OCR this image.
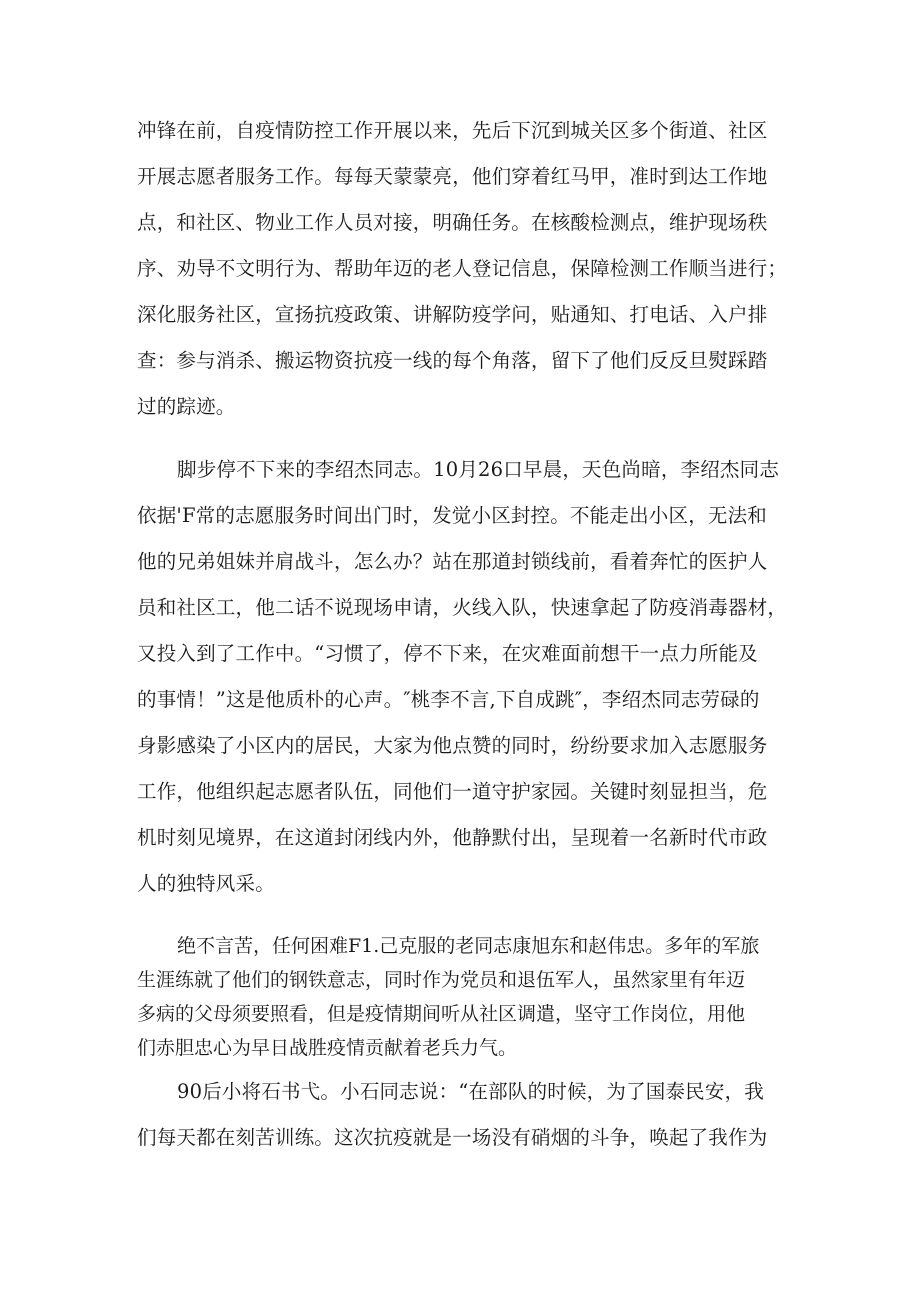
冲锋在前，自疫情防控工作开展以来，先后下沉到城关区多个街道、社区
开展志愿者服务工作。每每天蒙蒙亮，他们穿着红马甲，准时到达工作地
点，和社区、物业工作人员对接，明确任务。在核酸检测点，维护现场秩
序、劝导不文明行为、帮助年迈的老人登记信息，保障检测工作顺当进行；
深化服务社区，宣扬抗疫政策、讲解防疫学问，贴通知、打电话、入户排
查：参与消杀、搬运物资抗疫一线的每个角落，留下了他们反反旦熨踩踏
过的踪迹。
脚步停不下来的李绍杰同志。10月26口早晨，天色尚暗，李绍杰同志
依据'F常的志愿服务时间出门时，发觉小区封控。不能走出小区，无法和
他的兄弟姐妹并肩战斗，怎么办？站在那道封锁线前，看着奔忙的医护人
员和社区工，他二话不说现场申请，火线入队，快速拿起了防疫消毒器材，
又投入到了工作中。“习惯了，停不下来，在灾难面前想干一点力所能及
的事情！”这是他质朴的心声。″桃李不言,下自成跳″，李绍杰同志劳碌的
身影感染了小区内的居民，大家为他点赞的同时，纷纷要求加入志愿服务
工作，他组织起志愿者队伍，同他们一道守护家园。关键时刻显担当，危
机时刻见境界，在这道封闭线内外，他静默付出，呈现着一名新时代市政
人的独特风采。
绝不言苦，任何困难F1.己克服的老同志康旭东和赵伟忠。多年的军旅
生涯练就了他们的钢铁意志，同时作为党员和退伍军人，虽然家里有年迈
多病的父母须要照看，但是疫情期间听从社区调遣，坚守工作岗位，用他
们赤胆忠心为早日战胜疫情贡献着老兵力气。
90后小将石书弋。小石同志说：“在部队的时候，为了国泰民安，我
们每天都在刻苦训练。这次抗疫就是一场没有硝烟的斗争，唤起了我作为
